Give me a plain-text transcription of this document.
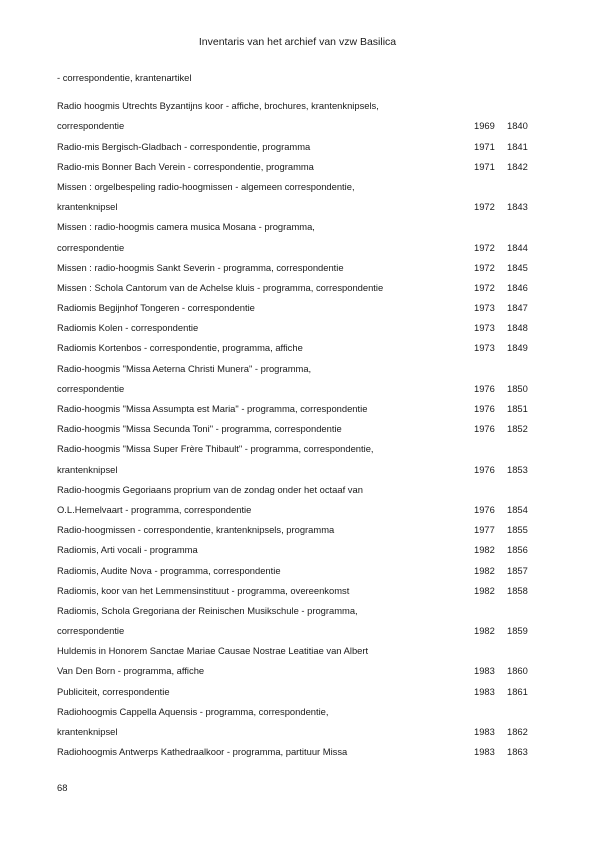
Inventaris van het archief van vzw Basilica
- correspondentie, krantenartikel
Radio hoogmis Utrechts Byzantijns koor - affiche, brochures, krantenknipsels,
correspondentie	1969 1840
Radio-mis Bergisch-Gladbach - correspondentie, programma	1971 1841
Radio-mis Bonner Bach Verein - correspondentie, programma	1971 1842
Missen : orgelbespeling radio-hoogmissen - algemeen correspondentie,
krantenknipsel	1972 1843
Missen : radio-hoogmis camera musica Mosana - programma,
correspondentie	1972 1844
Missen : radio-hoogmis Sankt Severin - programma, correspondentie	1972 1845
Missen : Schola Cantorum van de Achelse kluis - programma, correspondentie	1972 1846
Radiomis Begijnhof Tongeren - correspondentie	1973 1847
Radiomis Kolen - correspondentie	1973 1848
Radiomis Kortenbos - correspondentie, programma, affiche	1973 1849
Radio-hoogmis "Missa Aeterna Christi Munera" - programma,
correspondentie	1976 1850
Radio-hoogmis "Missa Assumpta est Maria" - programma, correspondentie	1976 1851
Radio-hoogmis "Missa Secunda Toni" - programma, correspondentie	1976 1852
Radio-hoogmis "Missa Super Frère Thibault" - programma, correspondentie,
krantenknipsel	1976 1853
Radio-hoogmis Gegoriaans proprium van de zondag onder het octaaf van
O.L.Hemelvaart - programma, correspondentie	1976 1854
Radio-hoogmissen - correspondentie, krantenknipsels, programma	1977 1855
Radiomis, Arti vocali - programma	1982 1856
Radiomis, Audite Nova - programma, correspondentie	1982 1857
Radiomis, koor van het Lemmensinstituut - programma, overeenkomst	1982 1858
Radiomis, Schola Gregoriana der Reinischen Musikschule - programma,
correspondentie	1982 1859
Huldemis in Honorem Sanctae Mariae Causae Nostrae Leatitiae van Albert
Van Den Born - programma, affiche	1983 1860
Publiciteit, correspondentie	1983 1861
Radiohoogmis Cappella Aquensis - programma, correspondentie,
krantenknipsel	1983 1862
Radiohoogmis Antwerps Kathedraalkoor - programma, partituur Missa	1983 1863
68
